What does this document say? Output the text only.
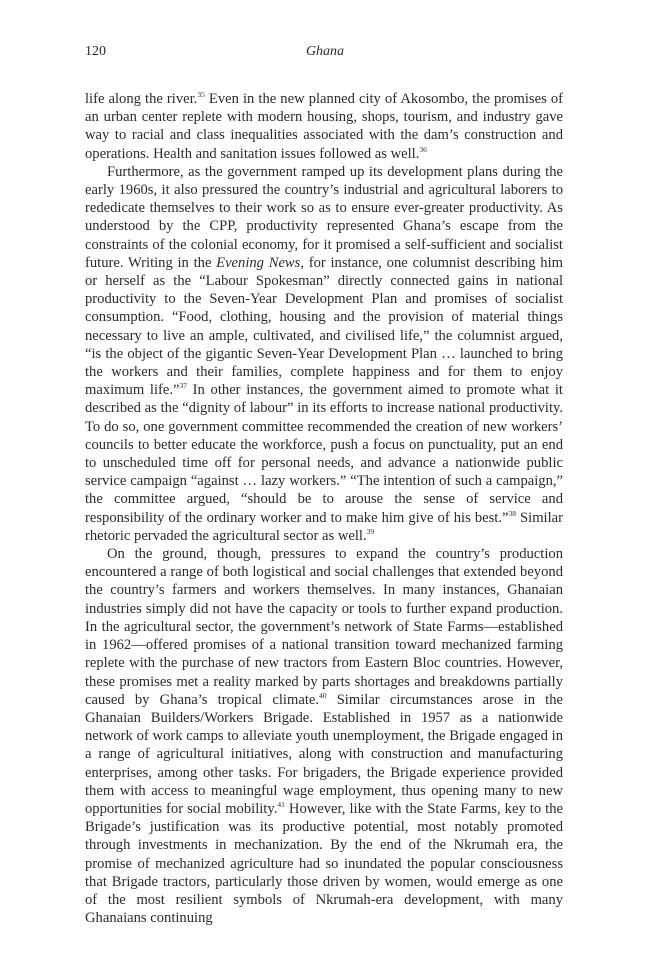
120	Ghana

life along the river.$^{35}$ Even in the new planned city of Akosombo, the promises of an urban center replete with modern housing, shops, tourism, and industry gave way to racial and class inequalities associated with the dam’s construction and operations. Health and sanitation issues followed as well.$^{36}$

Furthermore, as the government ramped up its development plans during the early 1960s, it also pressured the country’s industrial and agricultural laborers to rededicate themselves to their work so as to ensure ever-greater productivity. As understood by the CPP, productivity represented Ghana’s escape from the constraints of the colonial economy, for it promised a self-sufficient and socialist future. Writing in the Evening News, for instance, one columnist describing him or herself as the “Labour Spokesman” directly connected gains in national productivity to the Seven-Year Development Plan and promises of socialist consumption. “Food, clothing, housing and the provision of material things necessary to live an ample, cultivated, and civilised life,” the columnist argued, “is the object of the gigantic Seven-Year Development Plan … launched to bring the workers and their families, complete happiness and for them to enjoy maximum life.”$^{37}$ In other instances, the government aimed to promote what it described as the “dignity of labour” in its efforts to increase national productivity. To do so, one government committee recommended the creation of new workers’ councils to better educate the workforce, push a focus on punctuality, put an end to unscheduled time off for personal needs, and advance a nationwide public service campaign “against … lazy workers.” “The intention of such a campaign,” the committee argued, “should be to arouse the sense of service and responsibility of the ordinary worker and to make him give of his best.”$^{38}$ Similar rhetoric pervaded the agricultural sector as well.$^{39}$

On the ground, though, pressures to expand the country’s production encountered a range of both logistical and social challenges that extended beyond the country’s farmers and workers themselves. In many instances, Ghanaian industries simply did not have the capacity or tools to further expand production. In the agricultural sector, the government’s network of State Farms—established in 1962—offered promises of a national transition toward mechanized farming replete with the purchase of new tractors from Eastern Bloc countries. However, these promises met a reality marked by parts shortages and breakdowns partially caused by Ghana’s tropical climate.$^{40}$ Similar circumstances arose in the Ghanaian Builders/Workers Brigade. Established in 1957 as a nationwide network of work camps to alleviate youth unemployment, the Brigade engaged in a range of agricultural initiatives, along with construction and manufacturing enterprises, among other tasks. For brigaders, the Brigade experience provided them with access to meaningful wage employment, thus opening many to new opportunities for social mobility.$^{41}$ However, like with the State Farms, key to the Brigade’s justification was its productive potential, most notably promoted through investments in mechanization. By the end of the Nkrumah era, the promise of mechanized agriculture had so inundated the popular consciousness that Brigade tractors, particularly those driven by women, would emerge as one of the most resilient symbols of Nkrumah-era development, with many Ghanaians continuing
